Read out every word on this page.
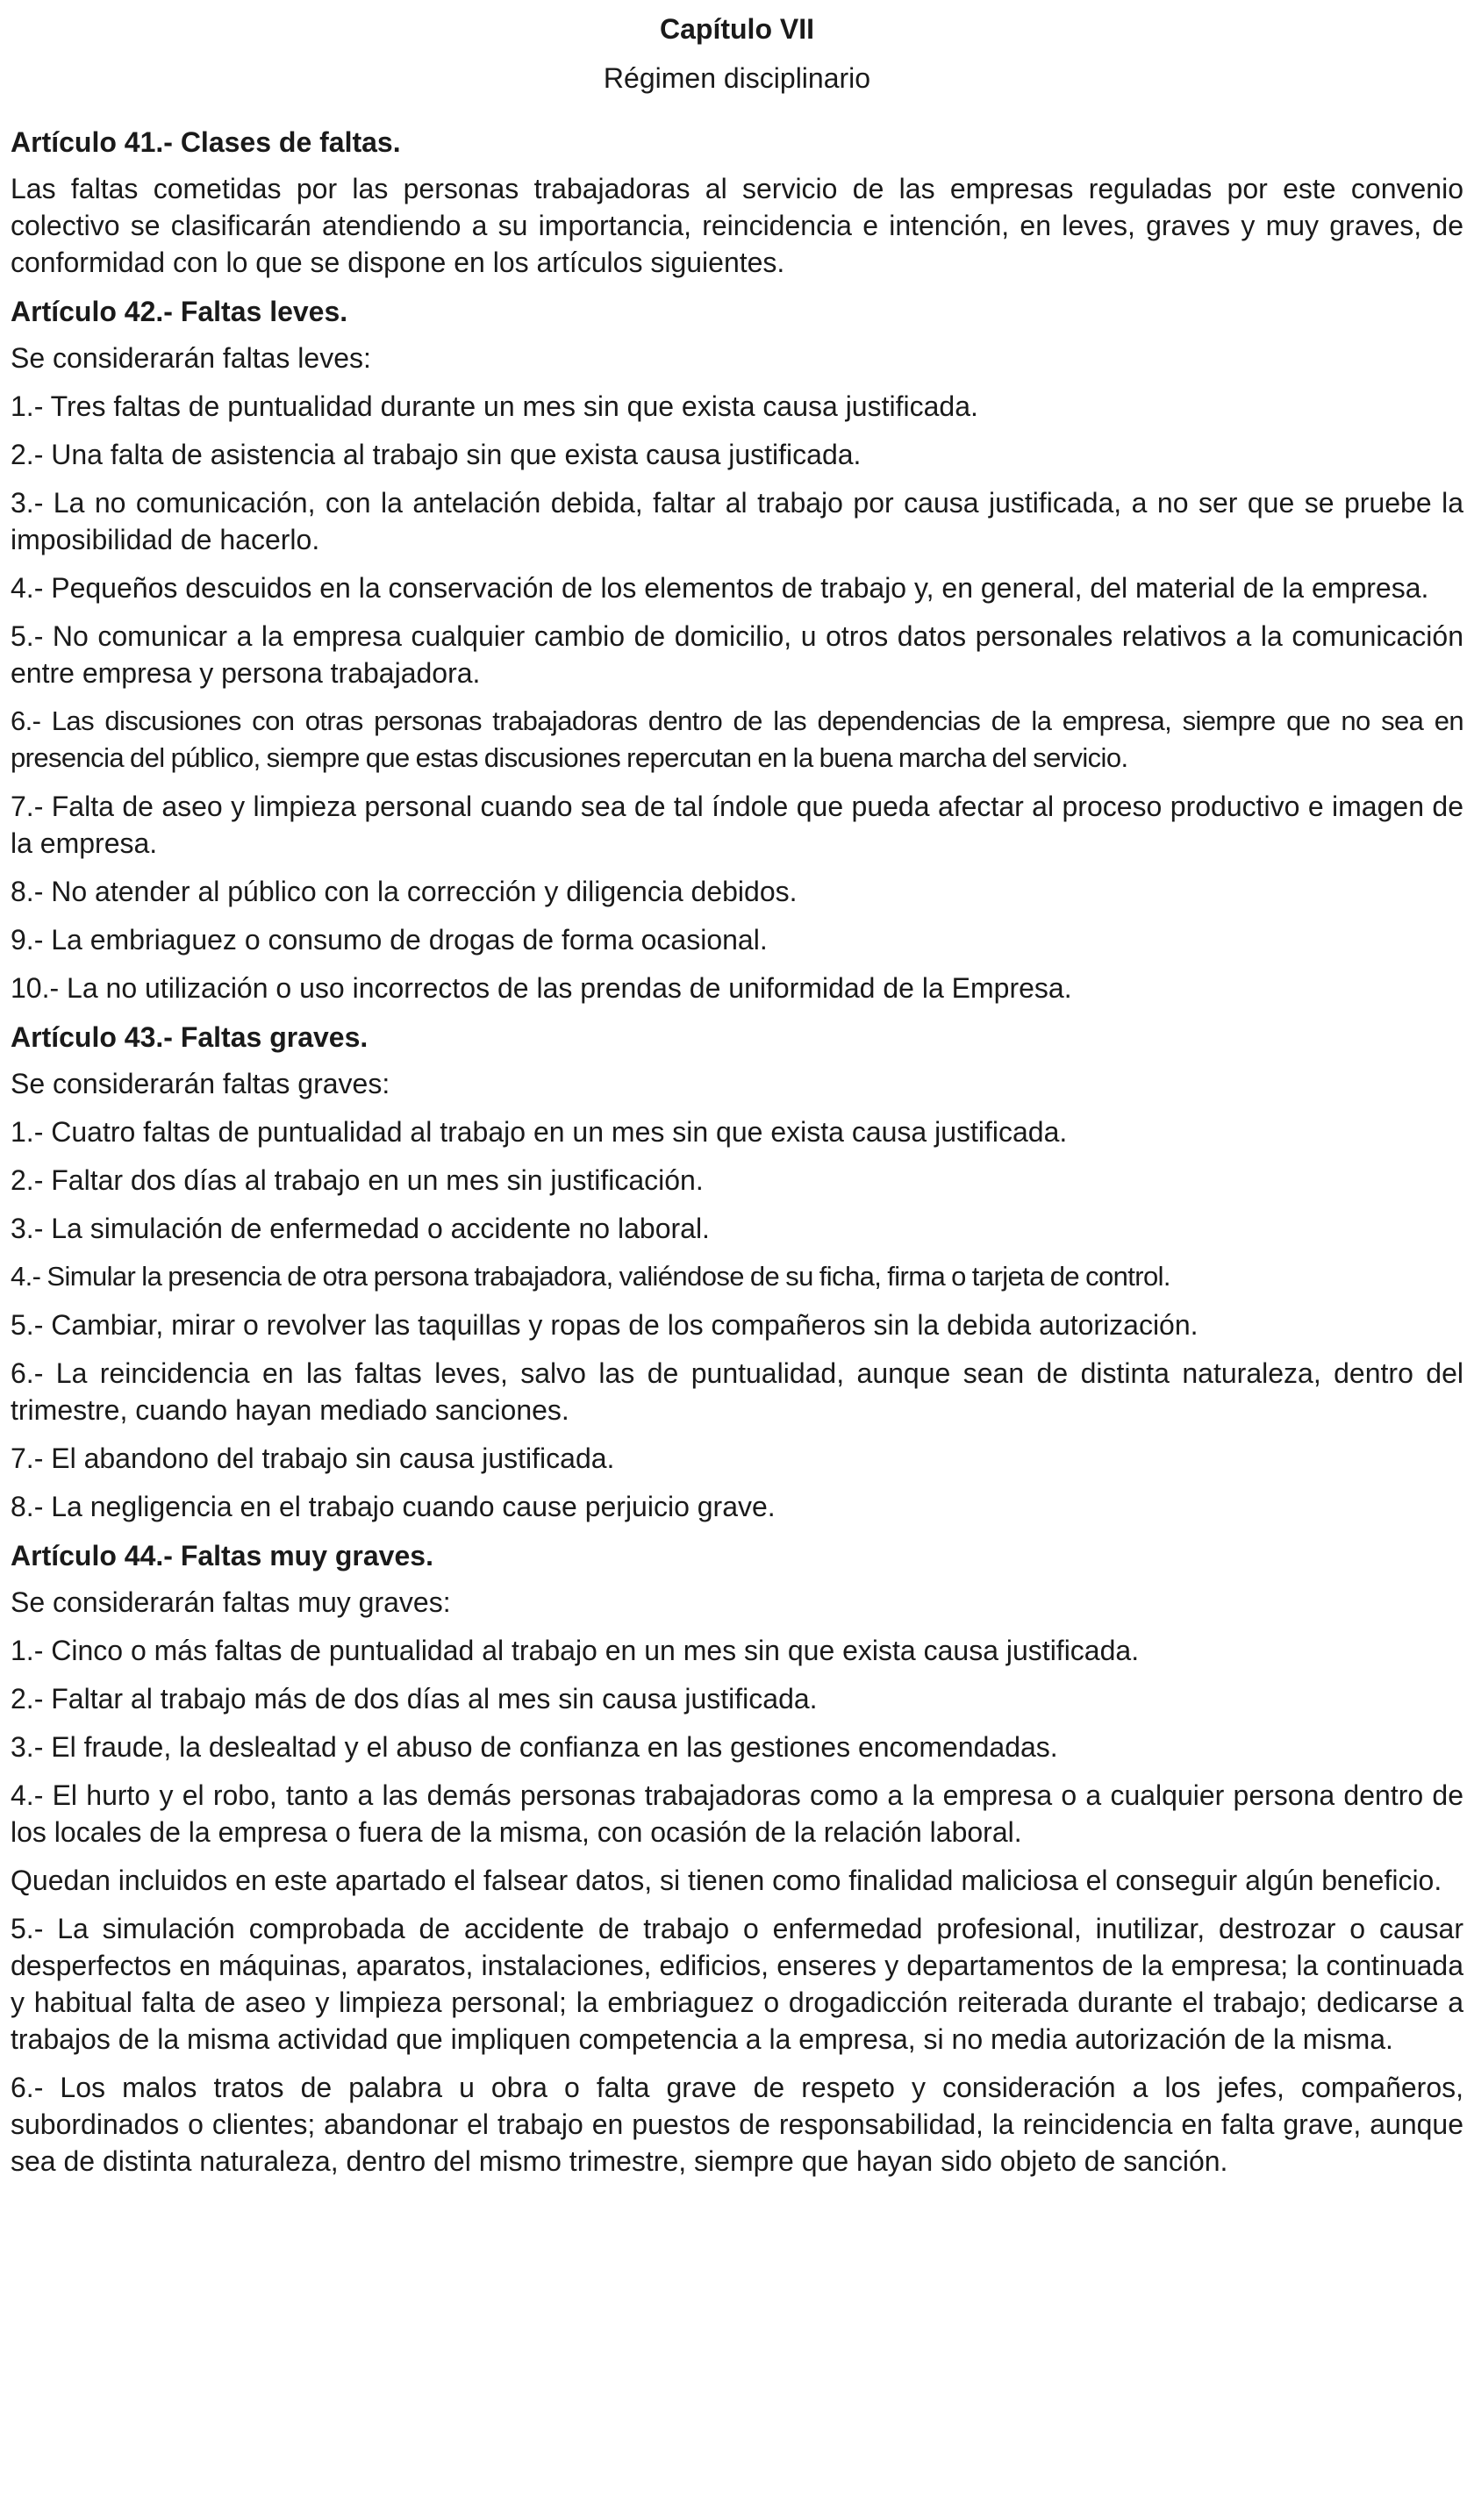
Capítulo VII
Régimen disciplinario
Artículo 41.- Clases de faltas.

Las faltas cometidas por las personas trabajadoras al servicio de las empresas reguladas por este convenio colectivo se clasificarán atendiendo a su importancia, reincidencia e intención, en leves, graves y muy graves, de conformidad con lo que se dispone en los artículos siguientes.

Artículo 42.- Faltas leves.

Se considerarán faltas leves:

1.- Tres faltas de puntualidad durante un mes sin que exista causa justificada.

2.- Una falta de asistencia al trabajo sin que exista causa justificada.

3.- La no comunicación, con la antelación debida, faltar al trabajo por causa justificada, a no ser que se pruebe la imposibilidad de hacerlo.

4.- Pequeños descuidos en la conservación de los elementos de trabajo y, en general, del material de la empresa.

5.- No comunicar a la empresa cualquier cambio de domicilio, u otros datos personales relativos a la comunicación entre empresa y persona trabajadora.

6.- Las discusiones con otras personas trabajadoras dentro de las dependencias de la empresa, siempre que no sea en presencia del público, siempre que estas discusiones repercutan en la buena marcha del servicio.

7.- Falta de aseo y limpieza personal cuando sea de tal índole que pueda afectar al proceso productivo e imagen de la empresa.

8.- No atender al público con la corrección y diligencia debidos.

9.- La embriaguez o consumo de drogas de forma ocasional.

10.- La no utilización o uso incorrectos de las prendas de uniformidad de la Empresa.

Artículo 43.- Faltas graves.

Se considerarán faltas graves:

1.- Cuatro faltas de puntualidad al trabajo en un mes sin que exista causa justificada.

2.- Faltar dos días al trabajo en un mes sin justificación.

3.- La simulación de enfermedad o accidente no laboral.

4.- Simular la presencia de otra persona trabajadora, valiéndose de su ficha, firma o tarjeta de control.

5.- Cambiar, mirar o revolver las taquillas y ropas de los compañeros sin la debida autorización.

6.- La reincidencia en las faltas leves, salvo las de puntualidad, aunque sean de distinta naturaleza, dentro del trimestre, cuando hayan mediado sanciones.

7.- El abandono del trabajo sin causa justificada.

8.- La negligencia en el trabajo cuando cause perjuicio grave.

Artículo 44.- Faltas muy graves.

Se considerarán faltas muy graves:

1.- Cinco o más faltas de puntualidad al trabajo en un mes sin que exista causa justificada.

2.- Faltar al trabajo más de dos días al mes sin causa justificada.

3.- El fraude, la deslealtad y el abuso de confianza en las gestiones encomendadas.

4.- El hurto y el robo, tanto a las demás personas trabajadoras como a la empresa o a cualquier persona dentro de los locales de la empresa o fuera de la misma, con ocasión de la relación laboral.

Quedan incluidos en este apartado el falsear datos, si tienen como finalidad maliciosa el conseguir algún beneficio.

5.- La simulación comprobada de accidente de trabajo o enfermedad profesional, inutilizar, destrozar o causar desperfectos en máquinas, aparatos, instalaciones, edificios, enseres y departamentos de la empresa; la continuada y habitual falta de aseo y limpieza personal; la embriaguez o drogadicción reiterada durante el trabajo; dedicarse a trabajos de la misma actividad que impliquen competencia a la empresa, si no media autorización de la misma.

6.- Los malos tratos de palabra u obra o falta grave de respeto y consideración a los jefes, compañeros, subordinados o clientes; abandonar el trabajo en puestos de responsabilidad, la reincidencia en falta grave, aunque sea de distinta naturaleza, dentro del mismo trimestre, siempre que hayan sido objeto de sanción.
